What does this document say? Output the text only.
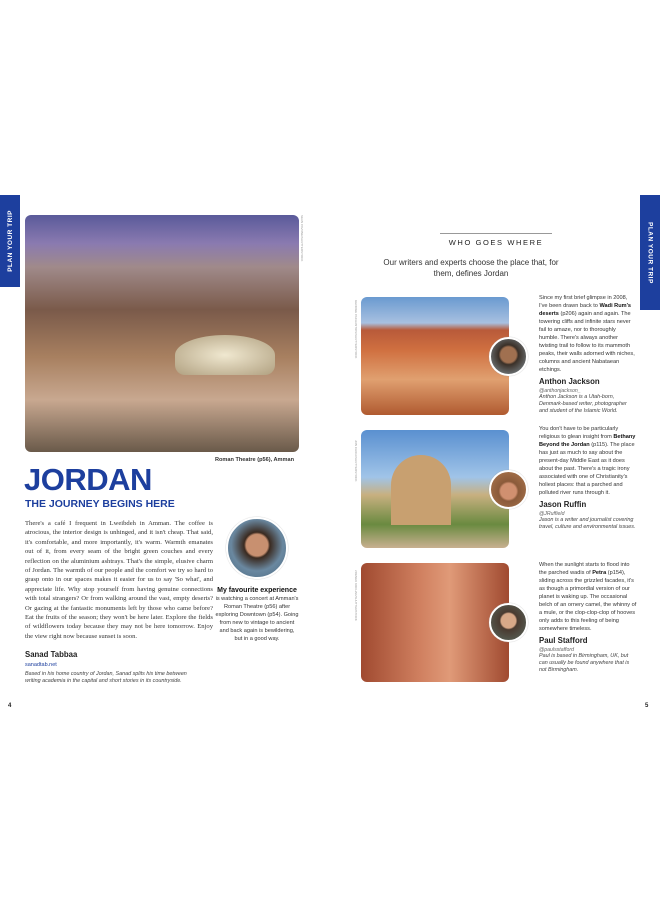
PLAN YOUR TRIP	PLAN YOUR TRIP
SEAN PAVONE/SHUTTERSTOCK
Roman Theatre (p56), Amman
JORDAN
THE JOURNEY BEGINS HERE
There's a café I frequent in Lweibdeh in Amman. The coffee is atrocious, the interior design is unhinged, and it isn't cheap. That said, it's comfortable, and more importantly, it's warm. Warmth emanates out of it, from every seam of the bright green couches and every reflection on the aluminium ashtrays. That's the simple, elusive charm of Jordan. The warmth of our people and the comfort we try so hard to grasp onto in our spaces makes it easier for us to say 'So what', and appreciate life. Why stop yourself from having genuine connections with total strangers? Or from walking around the vast, empty deserts? Or gazing at the fantastic monuments left by those who came before? Eat the fruits of the season; they won't be here later. Explore the fields of wildflowers today because they may not be here tomorrow. Enjoy the view right now because sunset is soon.
Sanad Tabbaa
sanadtab.net
Based in his home country of Jordan, Sanad splits his time between writing academia in the capital and short stories in its countryside.
My favourite experience is watching a concert at Amman's Roman Theatre (p56) after exploring Downtown (p54). Going from new to vintage to ancient and back again is bewildering, but in a good way.
4
WHO GOES WHERE
Our writers and experts choose the place that, for them, defines Jordan
GEORGE PACHANTRIS/SHUTTERSTOCK
JON CHICA/SHUTTERSTOCK
ZDENEK KRCHAK/SHUTTERSTOCK
Since my first brief glimpse in 2008, I've been drawn back to Wadi Rum's deserts (p206) again and again. The towering cliffs and infinite stars never fail to amaze, nor to thoroughly humble. There's always another twisting trail to follow to its mammoth peaks, their walls adorned with niches, columns and ancient Nabataean etchings.
Anthon Jackson
@anthonjackson_
Anthon Jackson is a Utah-born, Denmark-based writer, photographer and student of the Islamic World.
You don't have to be particularly religious to glean insight from Bethany Beyond the Jordan (p115). The place has just as much to say about the present-day Middle East as it does about the past. There's a tragic irony associated with one of Christianity's holiest places: that a parched and polluted river runs through it.
Jason Ruffin
@JRuffield
Jason is a writer and journalist covering travel, culture and environmental issues.
When the sunlight starts to flood into the parched wadis of Petra (p154), sliding across the grizzled facades, it's as though a primordial version of our planet is waking up. The occasional belch of an ornery camel, the whinny of a mule, or the clop-clop-clop of hooves only adds to this feeling of being somewhere timeless.
Paul Stafford
@paulsstafford
Paul is based in Birmingham, UK, but can usually be found anywhere that is not Birmingham.
5
